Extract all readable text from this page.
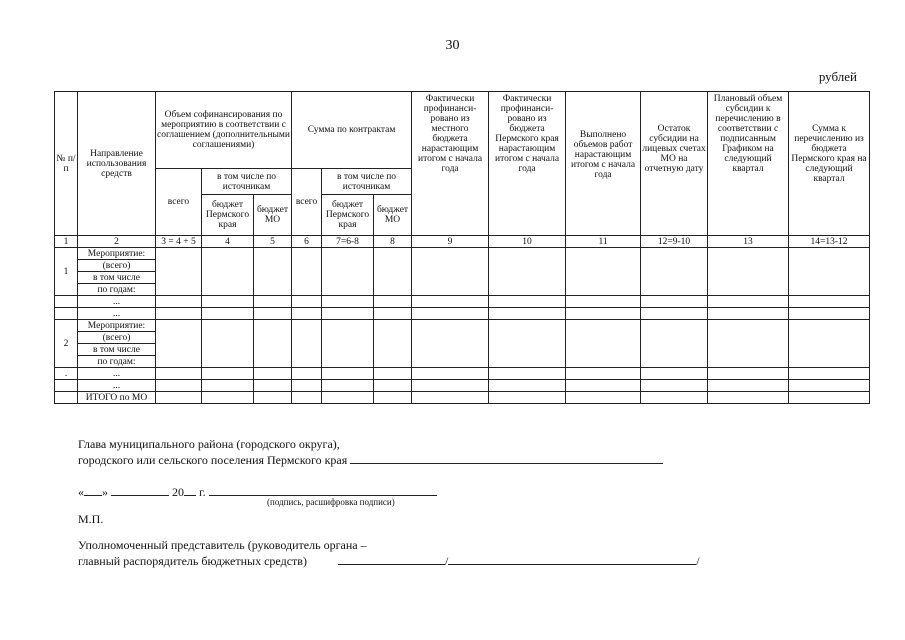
30
рублей
№ п/п	Направление использования средств	Объем софинансирования по мероприятию в соответствии с соглашением (дополнительными соглашениями)			Сумма по контрактам			Фактически профинанси-ровано из местного бюджета нарастающим итогом с начала года	Фактически профинанси-ровано из бюджета Пермского края нарастающим итогом с начала года	Выполнено объемов работ нарастающим итогом с начала года	Остаток субсидии на лицевых счетах МО на отчетную дату	Плановый объем субсидии к перечислению в соответствии с подписанным Графиком на следующий квартал	Сумма к перечислению из бюджета Пермского края на следующий квартал
		всего	в том числе по источникам		всего	в том числе по источникам							
			бюджет Пермского края	бюджет МО		бюджет Пермского края	бюджет МО						
1	2	3 = 4 + 5	4	5	6	7=6-8	8	9	10	11	12=9-10	13	14=13-12
1	Мероприятие:												
	(всего)												
	в том числе												
	по годам:												
	...												
	...												
2	Мероприятие:												
	(всего)												
	в том числе												
	по годам:												
.	...												
	...												
	ИТОГО по МО												
Глава муниципального района (городского округа),
городского или сельского поселения Пермского края
« »	20 г.
(подпись, расшифровка подписи)
М.П.
Уполномоченный представитель (руководитель органа –
главный распорядитель бюджетных средств)	/	/
